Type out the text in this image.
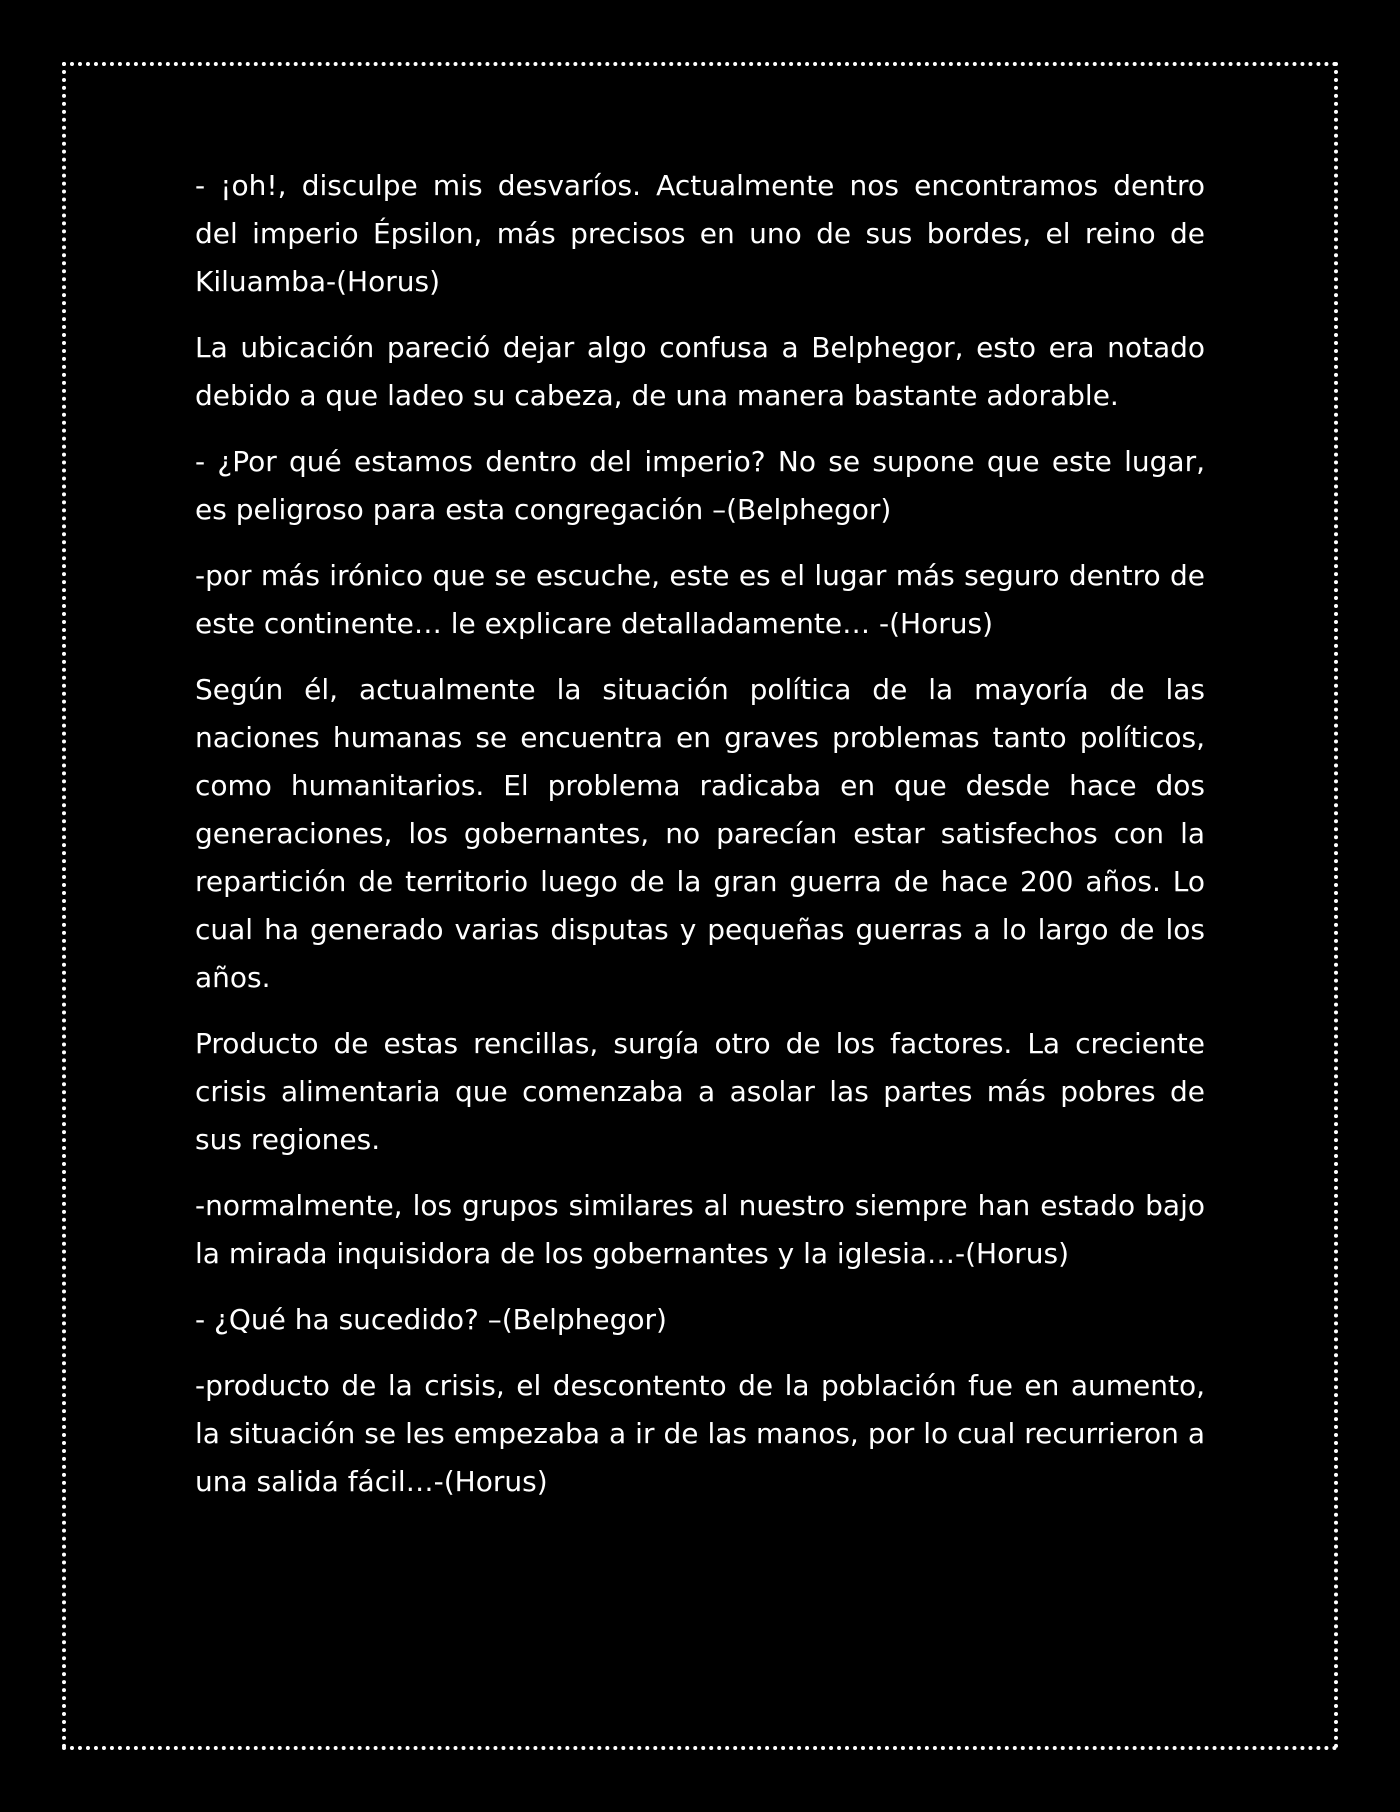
- ¡oh!, disculpe mis desvaríos. Actualmente nos encontramos dentro del imperio Épsilon, más precisos en uno de sus bordes, el reino de Kiluamba-(Horus)

La ubicación pareció dejar algo confusa a Belphegor, esto era notado debido a que ladeo su cabeza, de una manera bastante adorable.

- ¿Por qué estamos dentro del imperio? No se supone que este lugar, es peligroso para esta congregación –(Belphegor)

-por más irónico que se escuche, este es el lugar más seguro dentro de este continente… le explicare detalladamente… -(Horus)

Según él, actualmente la situación política de la mayoría de las naciones humanas se encuentra en graves problemas tanto políticos, como humanitarios. El problema radicaba en que desde hace dos generaciones, los gobernantes, no parecían estar satisfechos con la repartición de territorio luego de la gran guerra de hace 200 años. Lo cual ha generado varias disputas y pequeñas guerras a lo largo de los años.

Producto de estas rencillas, surgía otro de los factores. La creciente crisis alimentaria que comenzaba a asolar las partes más pobres de sus regiones.

-normalmente, los grupos similares al nuestro siempre han estado bajo la mirada inquisidora de los gobernantes y la iglesia…-(Horus)

- ¿Qué ha sucedido? –(Belphegor)

-producto de la crisis, el descontento de la población fue en aumento, la situación se les empezaba a ir de las manos, por lo cual recurrieron a una salida fácil…-(Horus)
